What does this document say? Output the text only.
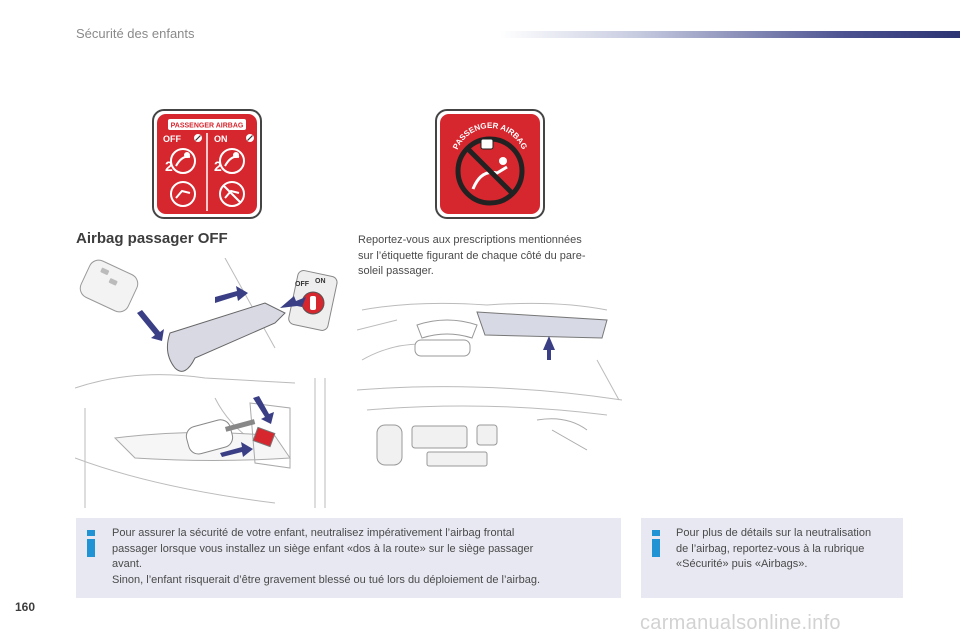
Sécurité des enfants
PASSENGER AIRBAG
OFF	ON
2	2
PASSENGER AIRBAG
Airbag passager OFF	Reportez-vous aux prescriptions mentionnées
sur l’étiquette figurant de chaque côté du pare-
soleil passager.
OFF ON

Pour assurer la sécurité de votre enfant, neutralisez impérativement l’airbag frontal

passager lorsque vous installez un siège enfant «dos à la route» sur le siège passager

avant.

Sinon, l’enfant risquerait d’être gravement blessé ou tué lors du déploiement de l’airbag.

Pour plus de détails sur la neutralisation

de l’airbag, reportez-vous à la rubrique

«Sécurité» puis «Airbags».

160
carmanualsonline.info
